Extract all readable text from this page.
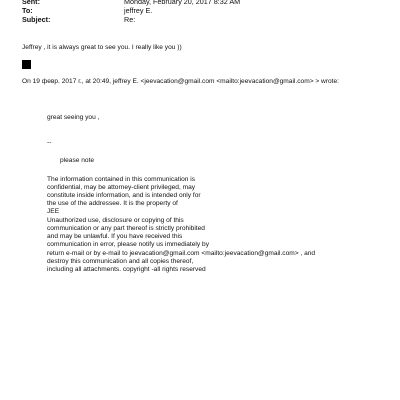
Sent:	Monday, February 20, 2017 8:32 AM
To:	jeffrey E.
Subject:	Re:
Jeffrey , it is always great to see you. I really like you ))
On 19 февр. 2017 г., at 20:49, jeffrey E. <jeevacation@gmail.com <mailto:jeevacation@gmail.com> > wrote:
great seeing you ,
--
please note
The information contained in this communication is
confidential, may be attorney-client privileged, may
constitute inside information, and is intended only for
the use of the addressee. It is the property of
JEE
Unauthorized use, disclosure or copying of this
communication or any part thereof is strictly prohibited
and may be unlawful. If you have received this
communication in error, please notify us immediately by
return e-mail or by e-mail to jeevacation@gmail.com <mailto:jeevacation@gmail.com> , and
destroy this communication and all copies thereof,
including all attachments. copyright -all rights reserved
